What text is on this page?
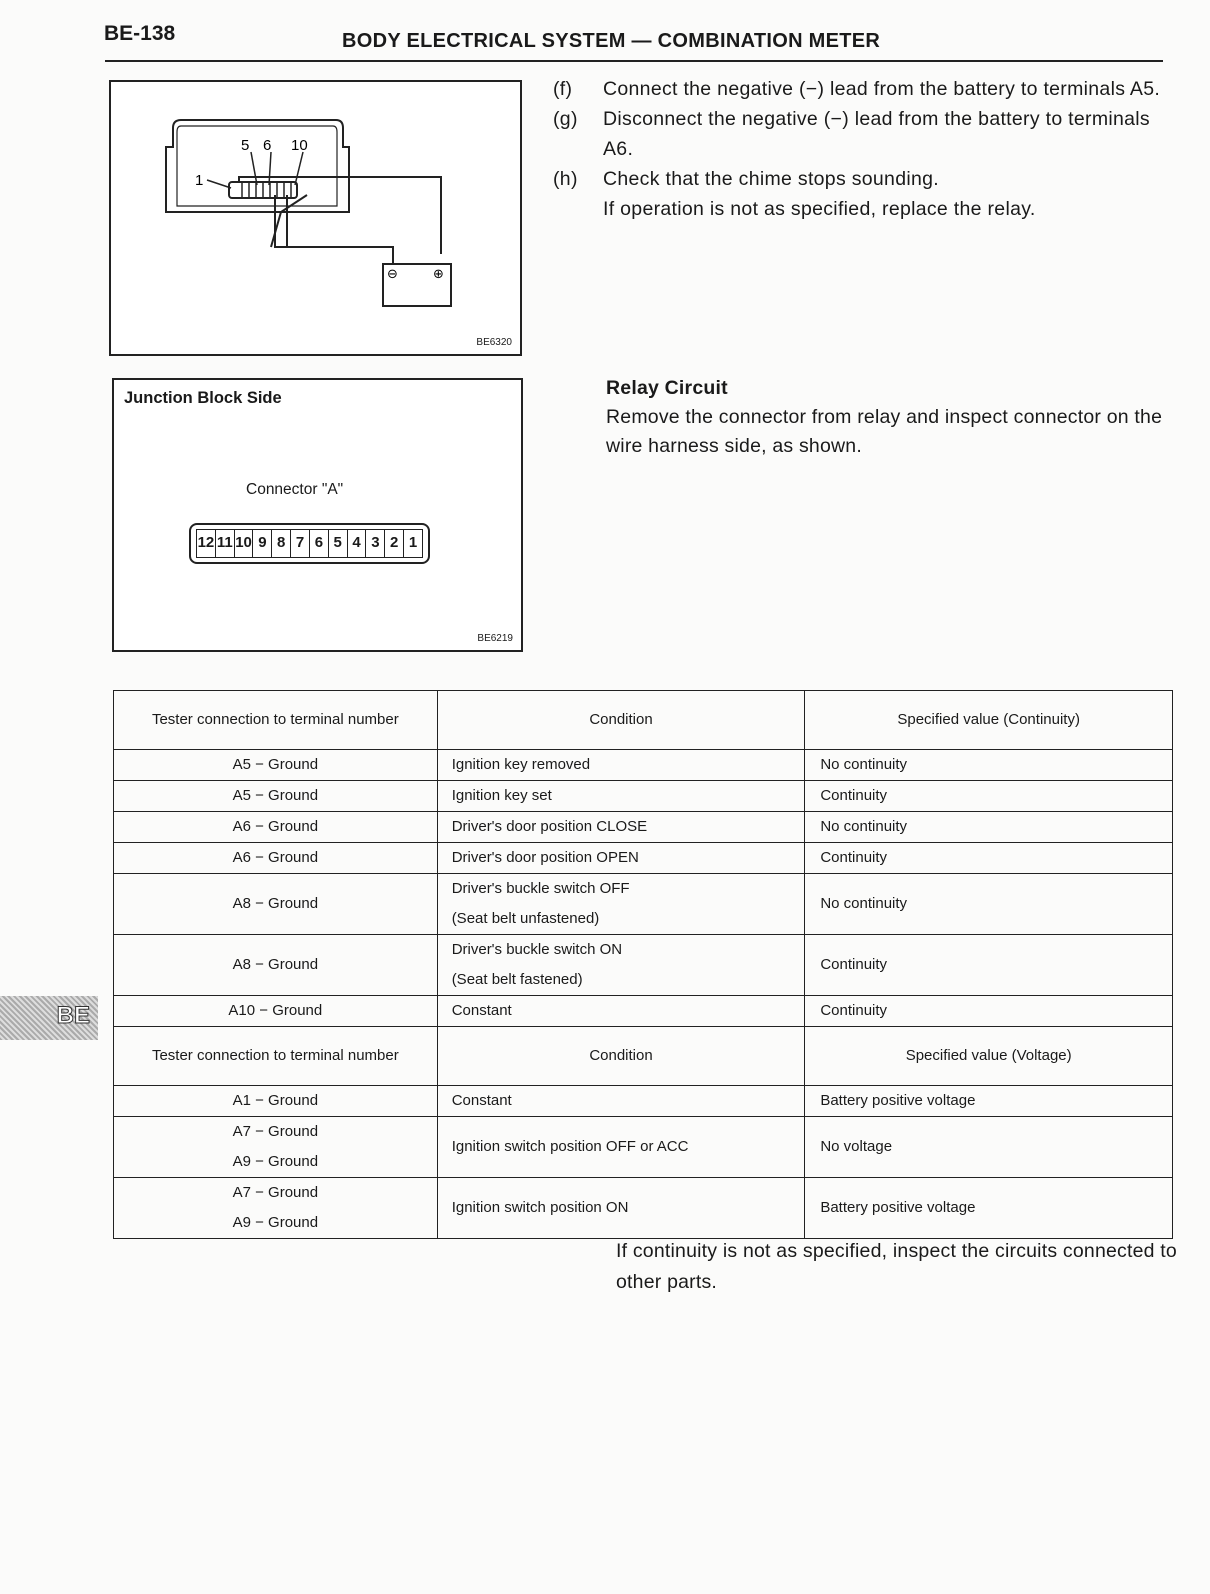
BE-138	BODY ELECTRICAL SYSTEM — COMBINATION METER
1
5 6 10
⊖	⊕
BE6320
(f)	Connect the negative (−) lead from the battery to terminals A5.
(g)	Disconnect the negative (−) lead from the battery to terminals A6.
(h)	Check that the chime stops sounding.
If operation is not as specified, replace the relay.
Junction Block Side
Connector "A"
12 11 10 9 8 7 6 5 4 3 2 1
BE6219
Relay Circuit
Remove the connector from relay and inspect connector on the wire harness side, as shown.
Tester connection to terminal number	Condition	Specified value (Continuity)

A5 − Ground	Ignition key removed	No continuity

A5 − Ground	Ignition key set	Continuity

A6 − Ground	Driver's door position CLOSE	No continuity

A6 − Ground	Driver's door position OPEN	Continuity

A8 − Ground	Driver's buckle switch OFF
(Seat belt unfastened)	No continuity

A8 − Ground	Driver's buckle switch ON
(Seat belt fastened)	Continuity

A10 − Ground	Constant	Continuity

Tester connection to terminal number	Condition	Specified value (Voltage)

A1 − Ground	Constant	Battery positive voltage

A7 − Ground
A9 − Ground	Ignition switch position OFF or ACC	No voltage

A7 − Ground
A9 − Ground	Ignition switch position ON	Battery positive voltage
If continuity is not as specified, inspect the circuits connected to other parts.
BE
